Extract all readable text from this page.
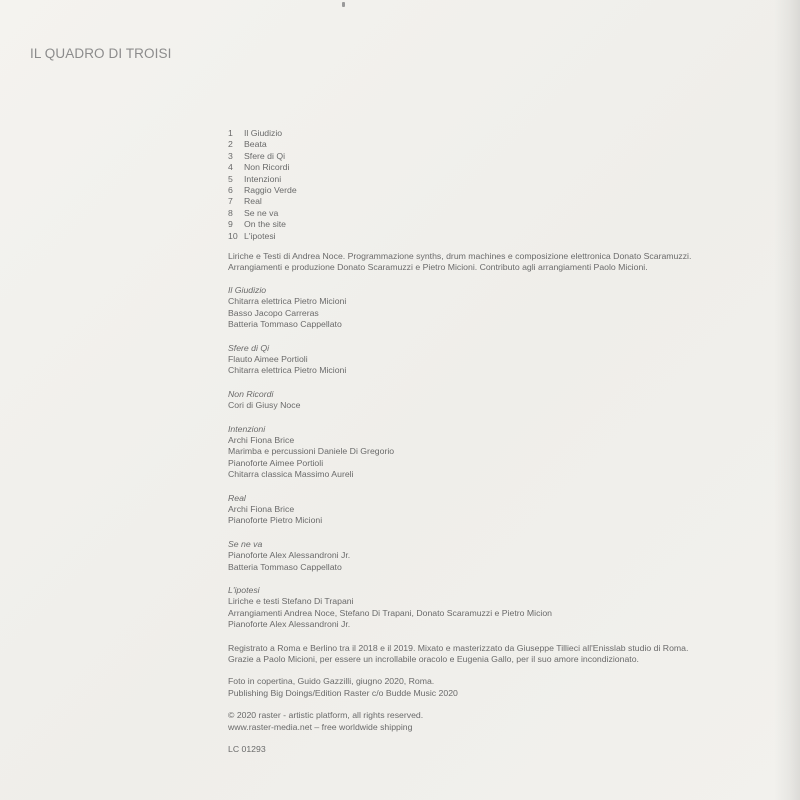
IL QUADRO DI TROISI
1	Il Giudizio
2	Beata
3	Sfere di Qi
4	Non Ricordi
5	Intenzioni
6	Raggio Verde
7	Real
8	Se ne va
9	On the site
10 L'ipotesi
Liriche e Testi di Andrea Noce. Programmazione synths, drum machines e composizione elettronica Donato Scaramuzzi.
Arrangiamenti e produzione Donato Scaramuzzi e Pietro Micioni. Contributo agli arrangiamenti Paolo Micioni.
Il Giudizio
Chitarra elettrica Pietro Micioni
Basso Jacopo Carreras
Batteria Tommaso Cappellato
Sfere di Qi
Flauto Aimee Portioli
Chitarra elettrica Pietro Micioni
Non Ricordi
Cori di Giusy Noce
Intenzioni
Archi Fiona Brice
Marimba e percussioni Daniele Di Gregorio
Pianoforte Aimee Portioli
Chitarra classica Massimo Aureli
Real
Archi Fiona Brice
Pianoforte Pietro Micioni
Se ne va
Pianoforte Alex Alessandroni Jr.
Batteria Tommaso Cappellato
L'ipotesi
Liriche e testi Stefano Di Trapani
Arrangiamenti Andrea Noce, Stefano Di Trapani, Donato Scaramuzzi e Pietro Micion
Pianoforte Alex Alessandroni Jr.
Registrato a Roma e Berlino tra il 2018 e il 2019. Mixato e masterizzato da Giuseppe Tillieci all'Enisslab studio di Roma.
Grazie a Paolo Micioni, per essere un incrollabile oracolo e Eugenia Gallo, per il suo amore incondizionato.
Foto in copertina, Guido Gazzilli, giugno 2020, Roma.
Publishing Big Doings/Edition Raster c/o Budde Music 2020
© 2020 raster - artistic platform, all rights reserved.
www.raster-media.net – free worldwide shipping
LC 01293
